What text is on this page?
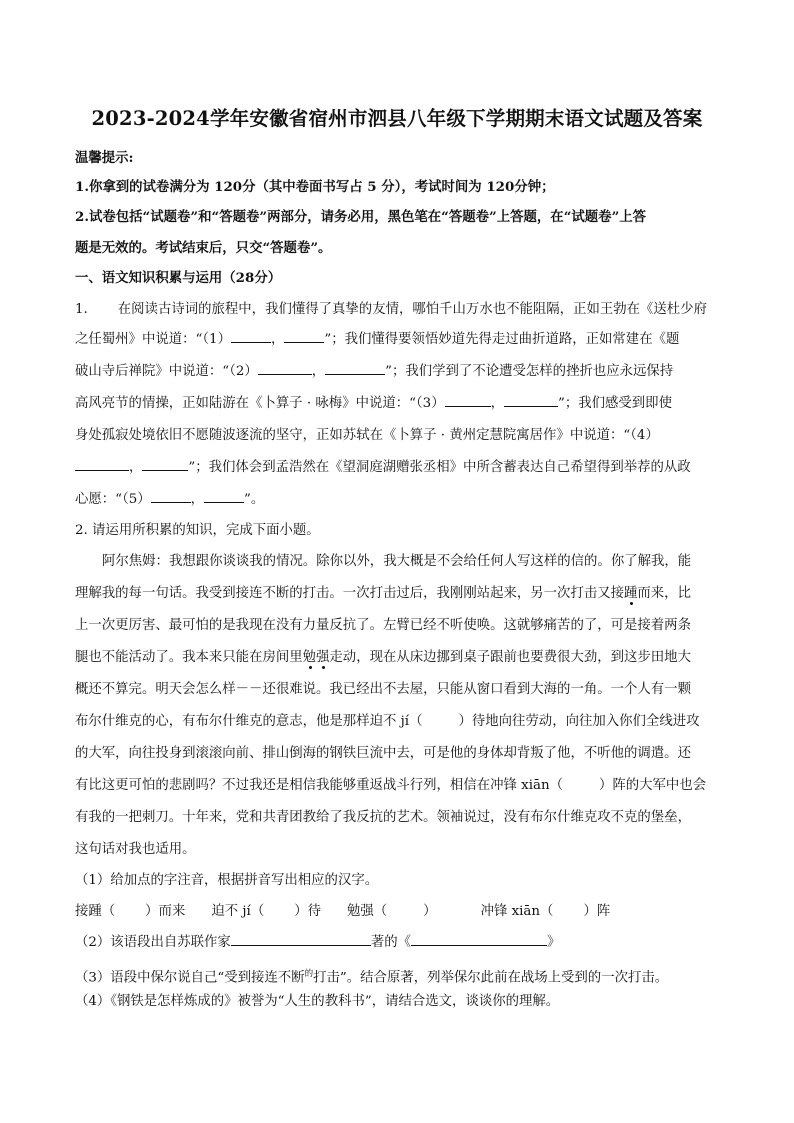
2023-2024学年安徽省宿州市泗县八年级下学期期末语文试题及答案
温馨提示:
1.你拿到的试卷满分为 120分（其中卷面书写占 5 分），考试时间为 120分钟；
2.试卷包括“试题卷”和“答题卷”两部分，请务必用，黑色笔在“答题卷”上答题，在“试题卷”上答
题是无效的。考试结束后，只交“答题卷”。
一、语文知识积累与运用（28分）
1. 在阅读古诗词的旅程中，我们懂得了真挚的友情，哪怕千山万水也不能阻隔，正如王勃在《送杜少府
之任蜀州》中说道：“（1）	，	”；我们懂得要领悟妙道先得走过曲折道路，正如常建在《题
破山寺后禅院》中说道：“（2）	，	”；我们学到了不论遭受怎样的挫折也应永远保持
高风亮节的情操，正如陆游在《卜算子 · 咏梅》中说道：“（3）	，	”；我们感受到即使
身处孤寂处境依旧不愿随波逐流的坚守，正如苏轼在《卜算子 · 黄州定慧院寓居作》中说道：“（4）
，	”；我们体会到孟浩然在《望洞庭湖赠张丞相》中所含蓄表达自己希望得到举荐的从政
心愿：“（5）	，	”。
2. 请运用所积累的知识，完成下面小题。
阿尔焦姆：我想跟你谈谈我的情况。除你以外，我大概是不会给任何人写这样的信的。你了解我，能
理解我的每一句话。我受到接连不断的打击。一次打击过后，我刚刚站起来，另一次打击又接踵而来，比
上一次更厉害、最可怕的是我现在没有力量反抗了。左臂已经不听使唤。这就够痛苦的了，可是接着两条
腿也不能活动了。我本来只能在房间里勉强走动，现在从床边挪到桌子跟前也要费很大劲，到这步田地大
概还不算完。明天会怎么样－－还很难说。我已经出不去屋，只能从窗口看到大海的一角。一个人有一颗
布尔什维克的心，有布尔什维克的意志，他是那样迫不 jí（	）待地向往劳动，向往加入你们全线进攻
的大军，向往投身到滚滚向前、排山倒海的钢铁巨流中去，可是他的身体却背叛了他，不听他的调遣。还
有比这更可怕的悲剧吗？不过我还是相信我能够重返战斗行列，相信在冲锋 xiān（	）阵的大军中也会
有我的一把刺刀。十年来，党和共青团教给了我反抗的艺术。领袖说过，没有布尔什维克攻不克的堡垒，
这句话对我也适用。
（1）给加点的字注音，根据拼音写出相应的汉字。
接踵（ ）而来 迫不 jí（ ）待 勉强（	）	冲锋 xiān（ ）阵
（2）该语段出自苏联作家	著的《	》
（3）语段中保尔说自己“受到接连不断$^的$打击”。结合原著，列举保尔此前在战场上受到的一次打击。
（4）《钢铁是怎样炼成的》被誉为“人生的教科书”，请结合选文，谈谈你的理解。
